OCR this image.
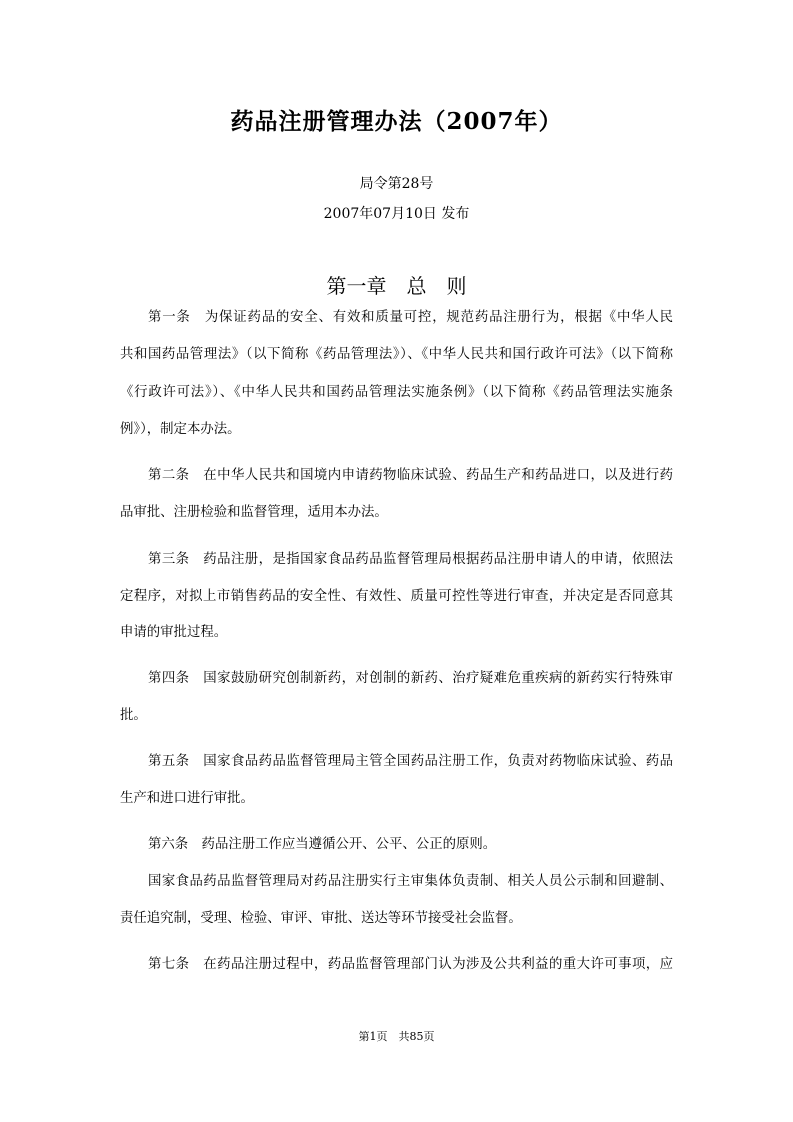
药品注册管理办法（2007年）
局令第28号
2007年07月10日 发布
第一章　总　则
第一条　为保证药品的安全、有效和质量可控，规范药品注册行为，根据《中华人民
共和国药品管理法》（以下简称《药品管理法》）、《中华人民共和国行政许可法》（以下简称
《行政许可法》）、《中华人民共和国药品管理法实施条例》（以下简称《药品管理法实施条
例》），制定本办法。
第二条　在中华人民共和国境内申请药物临床试验、药品生产和药品进口，以及进行药
品审批、注册检验和监督管理，适用本办法。
第三条　药品注册，是指国家食品药品监督管理局根据药品注册申请人的申请，依照法
定程序，对拟上市销售药品的安全性、有效性、质量可控性等进行审查，并决定是否同意其
申请的审批过程。
第四条　国家鼓励研究创制新药，对创制的新药、治疗疑难危重疾病的新药实行特殊审
批。
第五条　国家食品药品监督管理局主管全国药品注册工作，负责对药物临床试验、药品
生产和进口进行审批。
第六条　药品注册工作应当遵循公开、公平、公正的原则。
国家食品药品监督管理局对药品注册实行主审集体负责制、相关人员公示制和回避制、
责任追究制，受理、检验、审评、审批、送达等环节接受社会监督。
第七条　在药品注册过程中，药品监督管理部门认为涉及公共利益的重大许可事项，应
第1页　共85页
